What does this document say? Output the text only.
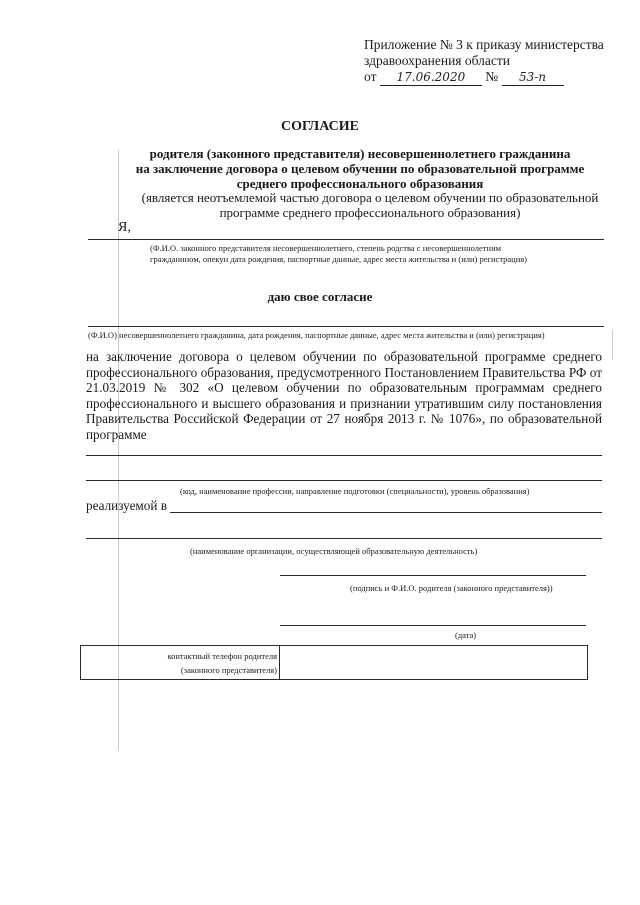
Приложение № 3 к приказу министерства
здравоохранения области
от 17.06.2020 № 53-п
СОГЛАСИЕ
родителя (законного представителя) несовершеннолетнего гражданина
на заключение договора о целевом обучении по образовательной программе
среднего профессионального образования
(является неотъемлемой частью договора о целевом обучении по образовательной
программе среднего профессионального образования)
Я,
(Ф.И.О. законного представителя несовершеннолетнего, степень родства с несовершеннолетним
гражданином, опекун дата рождения, паспортные данные, адрес места жительства и (или) регистрация)
даю свое согласие
(Ф.И.О) несовершеннолетнего гражданина, дата рождения, паспортные данные, адрес места жительства и (или) регистрация)
на заключение договора о целевом обучении по образовательной программе среднего профессионального образования, предусмотренного Постановлением Правительства РФ от 21.03.2019 № 302 «О целевом обучении по образовательным программам среднего профессионального и высшего образования и признании утратившим силу постановления Правительства Российской Федерации от 27 ноября 2013 г. № 1076», по образовательной программе
(код, наименование профессии, направление подготовки (специальности), уровень образования)
реализуемой в
(наименование организации, осуществляющей образовательную деятельность)
(подпись и Ф.И.О. родителя (законного представителя))
(дата)
контактный телефон родителя
(законного представителя)
